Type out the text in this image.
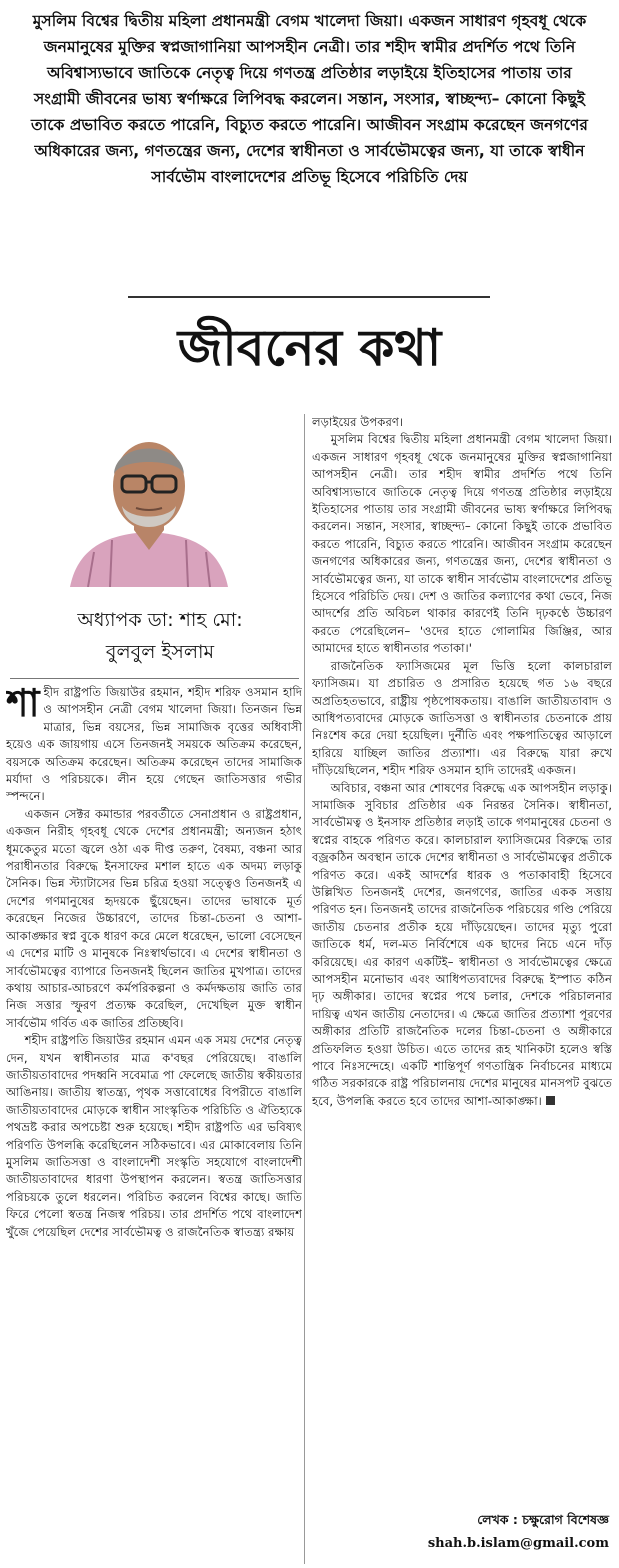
মুসলিম বিশ্বের দ্বিতীয় মহিলা প্রধানমন্ত্রী বেগম খালেদা জিয়া। একজন সাধারণ গৃহবধূ থেকে জনমানুষের মুক্তির স্বপ্নজাগানিয়া আপসহীন নেত্রী। তার শহীদ স্বামীর প্রদর্শিত পথে তিনি অবিশ্বাস্যভাবে জাতিকে নেতৃত্ব দিয়ে গণতন্ত্র প্রতিষ্ঠার লড়াইয়ে ইতিহাসের পাতায় তার সংগ্রামী জীবনের ভাষ্য স্বর্ণাক্ষরে লিপিবদ্ধ করলেন। সন্তান, সংসার, স্বাচ্ছন্দ্য– কোনো কিছুই তাকে প্রভাবিত করতে পারেনি, বিচ্যুত করতে পারেনি। আজীবন সংগ্রাম করেছেন জনগণের অধিকারের জন্য, গণতন্ত্রের জন্য, দেশের স্বাধীনতা ও সার্বভৌমত্বের জন্য, যা তাকে স্বাধীন সার্বভৌম বাংলাদেশের প্রতিভূ হিসেবে পরিচিতি দেয়
জীবনের কথা
অধ্যাপক ডা: শাহ মো:
বুলবুল ইসলাম

শাহীদ রাষ্ট্রপতি জিয়াউর রহমান, শহীদ শরিফ ওসমান হাদি ও আপসহীন নেত্রী বেগম খালেদা জিয়া। তিনজন ভিন্ন মাত্রার, ভিন্ন বয়সের, ভিন্ন সামাজিক বৃত্তের অধিবাসী হয়েও এক জায়গায় এসে তিনজনই সময়কে অতিক্রম করেছেন, বয়সকে অতিক্রম করেছেন। অতিক্রম করেছেন তাদের সামাজিক মর্যাদা ও পরিচয়কে। লীন হয়ে গেছেন জাতিসত্তার গভীর স্পন্দনে।

একজন সেক্টর কমান্ডার পরবর্তীতে সেনাপ্রধান ও রাষ্ট্রপ্রধান, একজন নিরীহ গৃহবধূ থেকে দেশের প্রধানমন্ত্রী; অন্যজন হঠাৎ ধূমকেতুর মতো জ্বলে ওঠা এক দীপ্ত তরুণ, বৈষম্য, বঞ্চনা আর পরাধীনতার বিরুদ্ধে ইনসাফের মশাল হাতে এক অদম্য লড়াকু সৈনিক। ভিন্ন স্ট্যাটাসের ভিন্ন চরিত্র হওয়া সত্ত্বেও তিনজনই এ দেশের গণমানুষের হৃদয়কে ছুঁয়েছেন। তাদের ভাষাকে মূর্ত করেছেন নিজের উচ্চারণে, তাদের চিন্তা-চেতনা ও আশা-আকাঙ্ক্ষার স্বপ্ন বুকে ধারণ করে মেলে ধরেছেন, ভালো বেসেছেন এ দেশের মাটি ও মানুষকে নিঃস্বার্থভাবে। এ দেশের স্বাধীনতা ও সার্বভৌমত্বের ব্যাপারে তিনজনই ছিলেন জাতির মুখপাত্র। তাদের কথায় আচার-আচরণে কর্মপরিকল্পনা ও কর্মদক্ষতায় জাতি তার নিজ সত্তার স্ফুরণ প্রত্যক্ষ করেছিল, দেখেছিল মুক্ত স্বাধীন সার্বভৌম গর্বিত এক জাতির প্রতিচ্ছবি।

শহীদ রাষ্ট্রপতি জিয়াউর রহমান এমন এক সময় দেশের নেতৃত্ব দেন, যখন স্বাধীনতার মাত্র ক'বছর পেরিয়েছে। বাঙালি জাতীয়তাবাদের পদধ্বনি সবেমাত্র পা ফেলেছে জাতীয় স্বকীয়তার আঙিনায়। জাতীয় স্বাতন্ত্র্য, পৃথক সত্তাবোধের বিপরীতে বাঙালি জাতীয়তাবাদের মোড়কে স্বাধীন সাংস্কৃতিক পরিচিতি ও ঐতিহ্যকে পথভ্রষ্ট করার অপচেষ্টা শুরু হয়েছে। শহীদ রাষ্ট্রপতি এর ভবিষ্যৎ পরিণতি উপলব্ধি করেছিলেন সঠিকভাবে। এর মোকাবেলায় তিনি মুসলিম জাতিসত্তা ও বাংলাদেশী সংস্কৃতি সহযোগে বাংলাদেশী জাতীয়তাবাদের ধারণা উপস্থাপন করলেন। স্বতন্ত্র জাতিসত্তার পরিচয়কে তুলে ধরলেন। পরিচিত করলেন বিশ্বের কাছে। জাতি ফিরে পেলো স্বতন্ত্র নিজস্ব পরিচয়। তার প্রদর্শিত পথে বাংলাদেশ খুঁজে পেয়েছিল দেশের সার্বভৌমত্ব ও রাজনৈতিক স্বাতন্ত্র্য রক্ষায়

লড়াইয়ের উপকরণ।

মুসলিম বিশ্বের দ্বিতীয় মহিলা প্রধানমন্ত্রী বেগম খালেদা জিয়া। একজন সাধারণ গৃহবধূ থেকে জনমানুষের মুক্তির স্বপ্নজাগানিয়া আপসহীন নেত্রী। তার শহীদ স্বামীর প্রদর্শিত পথে তিনি অবিশ্বাস্যভাবে জাতিকে নেতৃত্ব দিয়ে গণতন্ত্র প্রতিষ্ঠার লড়াইয়ে ইতিহাসের পাতায় তার সংগ্রামী জীবনের ভাষ্য স্বর্ণাক্ষরে লিপিবদ্ধ করলেন। সন্তান, সংসার, স্বাচ্ছন্দ্য– কোনো কিছুই তাকে প্রভাবিত করতে পারেনি, বিচ্যুত করতে পারেনি। আজীবন সংগ্রাম করেছেন জনগণের অধিকারের জন্য, গণতন্ত্রের জন্য, দেশের স্বাধীনতা ও সার্বভৌমত্বের জন্য, যা তাকে স্বাধীন সার্বভৌম বাংলাদেশের প্রতিভূ হিসেবে পরিচিতি দেয়। দেশ ও জাতির কল্যাণের কথা ভেবে, নিজ আদর্শের প্রতি অবিচল থাকার কারণেই তিনি দৃঢ়কণ্ঠে উচ্চারণ করতে পেরেছিলেন– 'ওদের হাতে গোলামির জিঞ্জির, আর আমাদের হাতে স্বাধীনতার পতাকা।'

রাজনৈতিক ফ্যাসিজমের মূল ভিত্তি হলো কালচারাল ফ্যাসিজম। যা প্রচারিত ও প্রসারিত হয়েছে গত ১৬ বছরে অপ্রতিহতভাবে, রাষ্ট্রীয় পৃষ্ঠপোষকতায়। বাঙালি জাতীয়তাবাদ ও আধিপত্যবাদের মোড়কে জাতিসত্তা ও স্বাধীনতার চেতনাকে প্রায় নিঃশেষ করে দেয়া হয়েছিল। দুর্নীতি এবং পক্ষপাতিত্বের আড়ালে হারিয়ে যাচ্ছিল জাতির প্রত্যাশা। এর বিরুদ্ধে যারা রুখে দাঁড়িয়েছিলেন, শহীদ শরিফ ওসমান হাদি তাদেরই একজন।

অবিচার, বঞ্চনা আর শোষণের বিরুদ্ধে এক আপসহীন লড়াকু। সামাজিক সুবিচার প্রতিষ্ঠার এক নিরন্তর সৈনিক। স্বাধীনতা, সার্বভৌমত্ব ও ইনসাফ প্রতিষ্ঠার লড়াই তাকে গণমানুষের চেতনা ও স্বপ্নের বাহকে পরিণত করে। কালচারাল ফ্যাসিজমের বিরুদ্ধে তার বজ্রকঠিন অবস্থান তাকে দেশের স্বাধীনতা ও সার্বভৌমত্বের প্রতীকে পরিণত করে। একই আদর্শের ধারক ও পতাকাবাহী হিসেবে উল্লিখিত তিনজনই দেশের, জনগণের, জাতির একক সত্তায় পরিণত হন। তিনজনই তাদের রাজনৈতিক পরিচয়ের গণ্ডি পেরিয়ে জাতীয় চেতনার প্রতীক হয়ে দাঁড়িয়েছেন। তাদের মৃত্যু পুরো জাতিকে ধর্ম, দল-মত নির্বিশেষে এক ছাদের নিচে এনে দাঁড় করিয়েছে। এর কারণ একটিই– স্বাধীনতা ও সার্বভৌমত্বের ক্ষেত্রে আপসহীন মনোভাব এবং আধিপত্যবাদের বিরুদ্ধে ইস্পাত কঠিন দৃঢ় অঙ্গীকার। তাদের স্বপ্নের পথে চলার, দেশকে পরিচালনার দায়িত্ব এখন জাতীয় নেতাদের। এ ক্ষেত্রে জাতির প্রত্যাশা পূরণের অঙ্গীকার প্রতিটি রাজনৈতিক দলের চিন্তা-চেতনা ও অঙ্গীকারে প্রতিফলিত হওয়া উচিত। এতে তাদের রূহ খানিকটা হলেও স্বস্তি পাবে নিঃসন্দেহে। একটি শান্তিপূর্ণ গণতান্ত্রিক নির্বাচনের মাধ্যমে গঠিত সরকারকে রাষ্ট্র পরিচালনায় দেশের মানুষের মানসপট বুঝতে হবে, উপলব্ধি করতে হবে তাদের আশা-আকাঙ্ক্ষা।

লেখক : চক্ষুরোগ বিশেষজ্ঞ
shah.b.islam@gmail.com
